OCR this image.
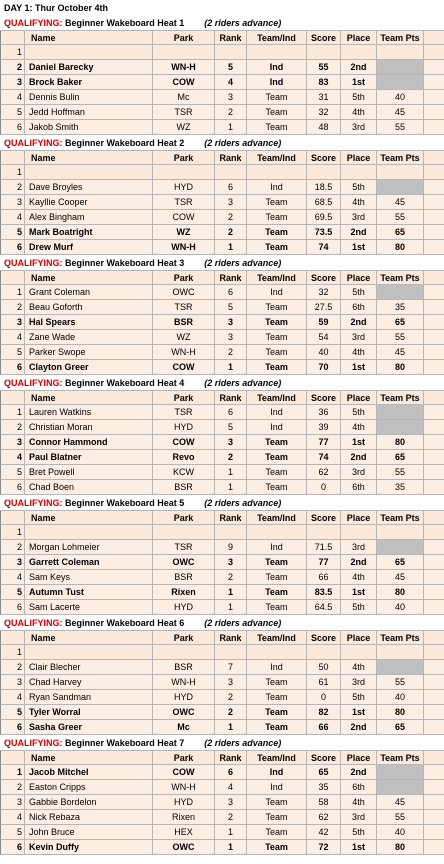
DAY 1: Thur October 4th
QUALIFYING:
Beginner Wakeboard Heat 1 (2 riders advance)
Name	Park	Rank	Team/Ind	Score	Place	Team Pts
1
2 Daniel Barecky	WN-H	5	Ind	55	2nd
3 Brock Baker	COW	4	Ind	83	1st
4 Dennis Bulin	Mc	3	Team	31	5th	40
5 Jedd Hoffman	TSR	2	Team	32	4th	45
6 Jakob Smith	WZ	1	Team	48	3rd	55
QUALIFYING:
Beginner Wakeboard Heat 2 (2 riders advance)
Name	Park	Rank	Team/Ind	Score	Place	Team Pts
1
2 Dave Broyles	HYD	6	Ind	18.5	5th
3 Kayllie Cooper	TSR	3	Team	68.5	4th	45
4 Alex Bingham	COW	2	Team	69.5	3rd	55
5 Mark Boatright	WZ	2	Team	73.5	2nd	65
6 Drew Murf	WN-H	1	Team	74	1st	80
QUALIFYING:
Beginner Wakeboard Heat 3 (2 riders advance)
Name	Park	Rank	Team/Ind	Score	Place	Team Pts
1 Grant Coleman	OWC	6	Ind	32	5th
2 Beau Goforth	TSR	5	Team	27.5	6th	35
3 Hal Spears	BSR	3	Team	59	2nd	65
4 Zane Wade	WZ	3	Team	54	3rd	55
5 Parker Swope	WN-H	2	Team	40	4th	45
6 Clayton Greer	COW	1	Team	70	1st	80
QUALIFYING:
Beginner Wakeboard Heat 4 (2 riders advance)
Name	Park	Rank	Team/Ind	Score	Place	Team Pts
1 Lauren Watkins	TSR	6	Ind	36	5th
2 Christian Moran	HYD	5	Ind	39	4th
3 Connor Hammond	COW	3	Team	77	1st	80
4 Paul Blatner	Revo	2	Team	74	2nd	65
5 Bret Powell	KCW	1	Team	62	3rd	55
6 Chad Boen	BSR	1	Team	0	6th	35
QUALIFYING:
Beginner Wakeboard Heat 5 (2 riders advance)
Name	Park	Rank	Team/Ind	Score	Place	Team Pts
1
2 Morgan Lohmeier	TSR	9	Ind	71.5	3rd
3 Garrett Coleman	OWC	3	Team	77	2nd	65
4 Sam Keys	BSR	2	Team	66	4th	45
5 Autumn Tust	Rixen	1	Team	83.5	1st	80
6 Sam Lacerte	HYD	1	Team	64.5	5th	40
QUALIFYING:
Beginner Wakeboard Heat 6 (2 riders advance)
Name	Park	Rank	Team/Ind	Score	Place	Team Pts
1
2 Clair Blecher	BSR	7	Ind	50	4th
3 Chad Harvey	WN-H	3	Team	61	3rd	55
4 Ryan Sandman	HYD	2	Team	0	5th	40
5 Tyler Worral	OWC	2	Team	82	1st	80
6 Sasha Greer	Mc	1	Team	66	2nd	65
QUALIFYING:
Beginner Wakeboard Heat 7 (2 riders advance)
Name	Park	Rank	Team/Ind	Score	Place	Team Pts
1 Jacob Mitchel	COW	6	Ind	65	2nd
2 Easton Cripps	WN-H	4	Ind	35	6th
3 Gabbie Bordelon	HYD	3	Team	58	4th	45
4 Nick Rebaza	Rixen	2	Team	62	3rd	55
5 John Bruce	HEX	1	Team	42	5th	40
6 Kevin Duffy	OWC	1	Team	72	1st	80
